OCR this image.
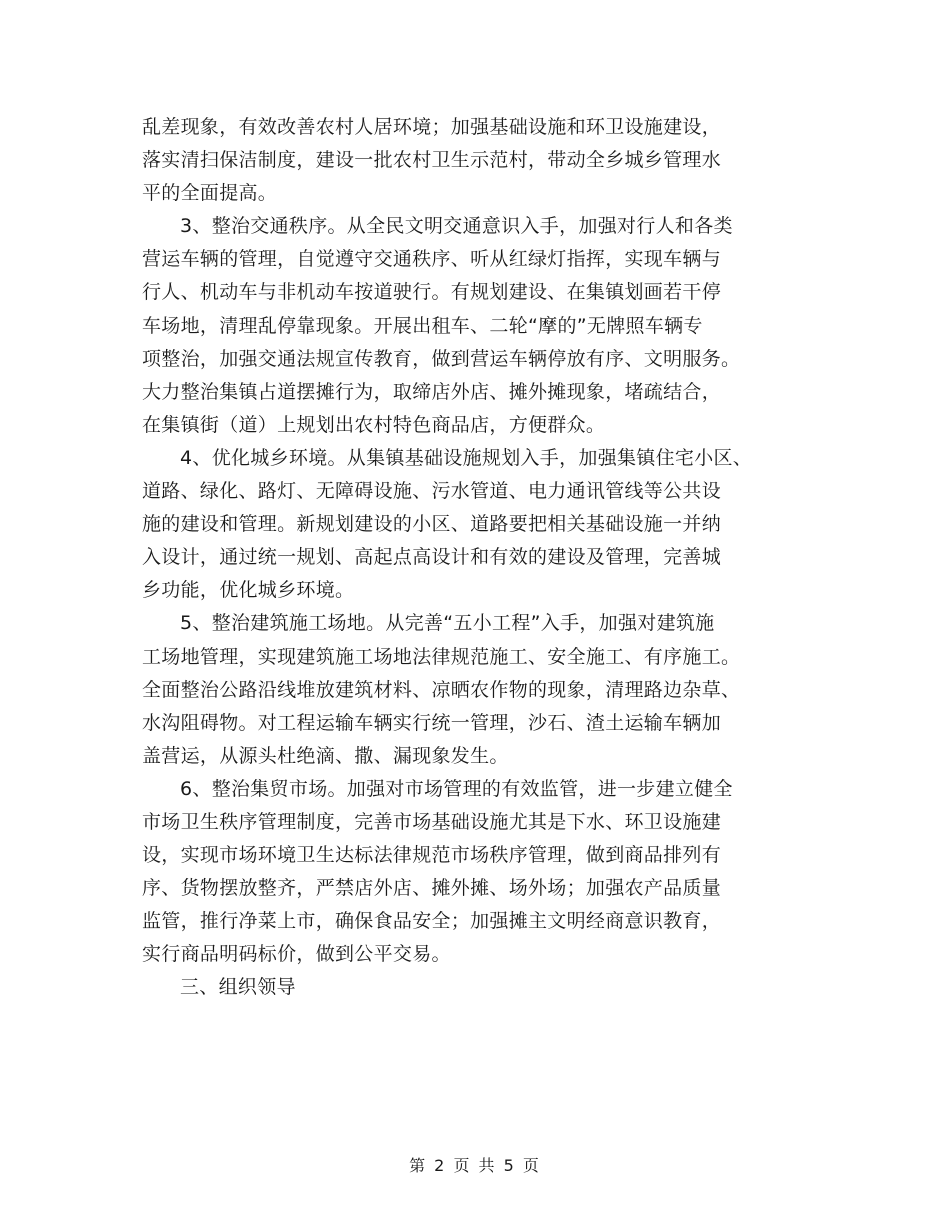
乱差现象，有效改善农村人居环境；加强基础设施和环卫设施建设，
落实清扫保洁制度，建设一批农村卫生示范村，带动全乡城乡管理水
平的全面提高。
3、整治交通秩序。从全民文明交通意识入手，加强对行人和各类
营运车辆的管理，自觉遵守交通秩序、听从红绿灯指挥，实现车辆与
行人、机动车与非机动车按道驶行。有规划建设、在集镇划画若干停
车场地，清理乱停靠现象。开展出租车、二轮“摩的”无牌照车辆专
项整治，加强交通法规宣传教育，做到营运车辆停放有序、文明服务。
大力整治集镇占道摆摊行为，取缔店外店、摊外摊现象，堵疏结合，
在集镇街（道）上规划出农村特色商品店，方便群众。
4、优化城乡环境。从集镇基础设施规划入手，加强集镇住宅小区、
道路、绿化、路灯、无障碍设施、污水管道、电力通讯管线等公共设
施的建设和管理。新规划建设的小区、道路要把相关基础设施一并纳
入设计，通过统一规划、高起点高设计和有效的建设及管理，完善城
乡功能，优化城乡环境。
5、整治建筑施工场地。从完善“五小工程”入手，加强对建筑施
工场地管理，实现建筑施工场地法律规范施工、安全施工、有序施工。
全面整治公路沿线堆放建筑材料、凉晒农作物的现象，清理路边杂草、
水沟阻碍物。对工程运输车辆实行统一管理，沙石、渣土运输车辆加
盖营运，从源头杜绝滴、撒、漏现象发生。
6、整治集贸市场。加强对市场管理的有效监管，进一步建立健全
市场卫生秩序管理制度，完善市场基础设施尤其是下水、环卫设施建
设，实现市场环境卫生达标法律规范市场秩序管理，做到商品排列有
序、货物摆放整齐，严禁店外店、摊外摊、场外场；加强农产品质量
监管，推行净菜上市，确保食品安全；加强摊主文明经商意识教育，
实行商品明码标价，做到公平交易。
三、组织领导
第 2 页 共 5 页
